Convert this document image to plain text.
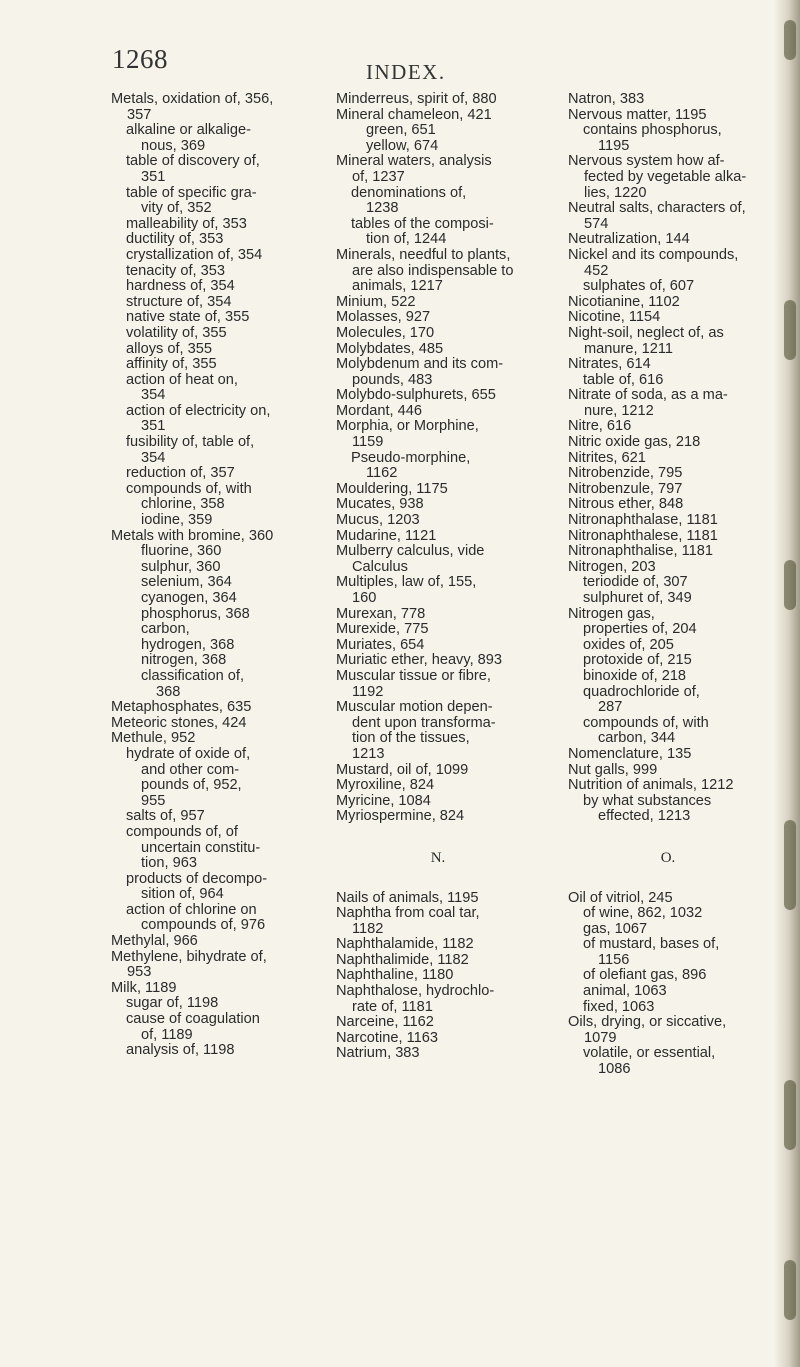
1268	INDEX.
Metals, oxidation of, 356,
357
alkaline or alkalige-
nous, 369
table of discovery of,
351
table of specific gra-
vity of, 352
malleability of, 353
ductility of, 353
crystallization of, 354
tenacity of, 353
hardness of, 354
structure of, 354
native state of, 355
volatility of, 355
alloys of, 355
affinity of, 355
action of heat on,
354
action of electricity on,
351
fusibility of, table of,
354
reduction of, 357
compounds of, with
chlorine, 358
iodine, 359
Metals with bromine, 360
fluorine, 360
sulphur, 360
selenium, 364
cyanogen, 364
phosphorus, 368
carbon,
hydrogen, 368
nitrogen, 368
classification of,
368
Metaphosphates, 635
Meteoric stones, 424
Methule, 952
hydrate of oxide of,
and other com-
pounds of, 952,
955
salts of, 957
compounds of, of
uncertain constitu-
tion, 963
products of decompo-
sition of, 964
action of chlorine on
compounds of, 976
Methylal, 966
Methylene, bihydrate of,
953
Milk, 1189
sugar of, 1198
cause of coagulation
of, 1189
analysis of, 1198
Minderreus, spirit of, 880
Mineral chameleon, 421
green, 651
yellow, 674
Mineral waters, analysis
of, 1237
denominations of,
1238
tables of the composi-
tion of, 1244
Minerals, needful to plants,
are also indispensable to
animals, 1217
Minium, 522
Molasses, 927
Molecules, 170
Molybdates, 485
Molybdenum and its com-
pounds, 483
Molybdo-sulphurets, 655
Mordant, 446
Morphia, or Morphine,
1159
Pseudo-morphine,
1162
Mouldering, 1175
Mucates, 938
Mucus, 1203
Mudarine, 1121
Mulberry calculus, vide
Calculus
Multiples, law of, 155,
160
Murexan, 778
Murexide, 775
Muriates, 654
Muriatic ether, heavy, 893
Muscular tissue or fibre,
1192
Muscular motion depen-
dent upon transforma-
tion of the tissues,
1213
Mustard, oil of, 1099
Myroxiline, 824
Myricine, 1084
Myriospermine, 824
N.
Nails of animals, 1195
Naphtha from coal tar,
1182
Naphthalamide, 1182
Naphthalimide, 1182
Naphthaline, 1180
Naphthalose, hydrochlo-
rate of, 1181
Narceine, 1162
Narcotine, 1163
Natrium, 383
Natron, 383
Nervous matter, 1195
contains phosphorus,
1195
Nervous system how af-
fected by vegetable alka-
lies, 1220
Neutral salts, characters of,
574
Neutralization, 144
Nickel and its compounds,
452
sulphates of, 607
Nicotianine, 1102
Nicotine, 1154
Night-soil, neglect of, as
manure, 1211
Nitrates, 614
table of, 616
Nitrate of soda, as a ma-
nure, 1212
Nitre, 616
Nitric oxide gas, 218
Nitrites, 621
Nitrobenzide, 795
Nitrobenzule, 797
Nitrous ether, 848
Nitronaphthalase, 1181
Nitronaphthalese, 1181
Nitronaphthalise, 1181
Nitrogen, 203
teriodide of, 307
sulphuret of, 349
Nitrogen gas,
properties of, 204
oxides of, 205
protoxide of, 215
binoxide of, 218
quadrochloride of,
287
compounds of, with
carbon, 344
Nomenclature, 135
Nut galls, 999
Nutrition of animals, 1212
by what substances
effected, 1213
O.
Oil of vitriol, 245
of wine, 862, 1032
gas, 1067
of mustard, bases of,
1156
of olefiant gas, 896
animal, 1063
fixed, 1063
Oils, drying, or siccative,
1079
volatile, or essential,
1086
